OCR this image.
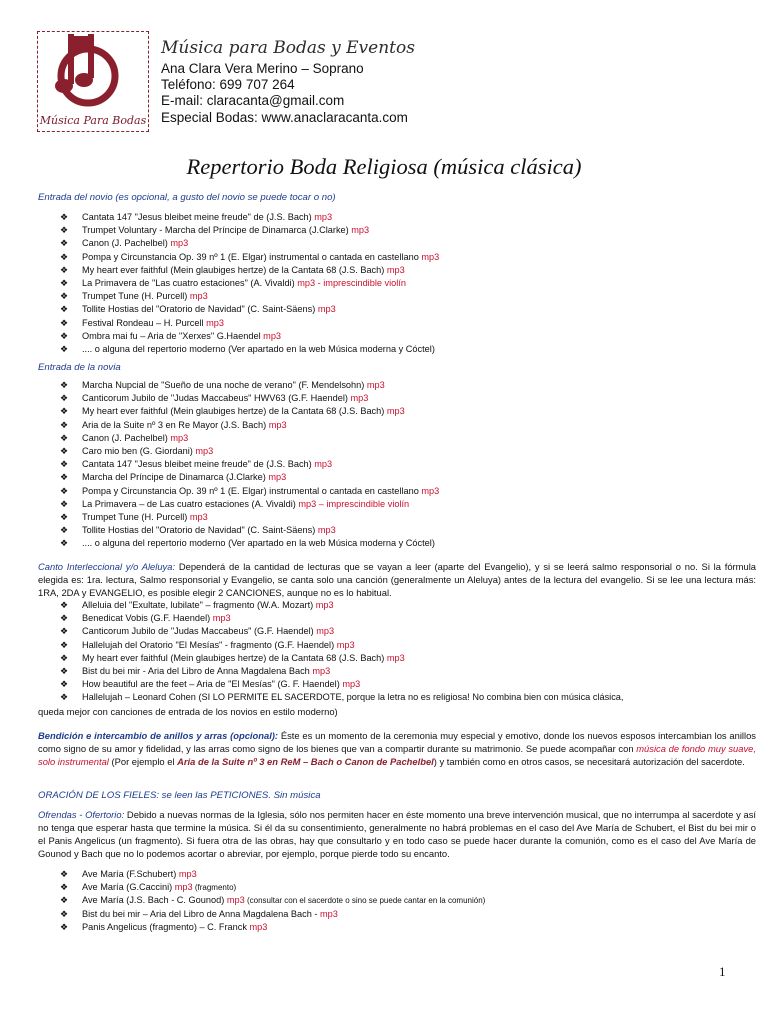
Música Para Bodas
Música para Bodas y Eventos
Ana Clara Vera Merino – Soprano
Teléfono: 699 707 264
E-mail: claracanta@gmail.com
Especial Bodas: www.anaclaracanta.com
Repertorio Boda Religiosa (música clásica)
Entrada del novio (es opcional, a gusto del novio se puede tocar o no)
❖ Cantata 147 "Jesus bleibet meine freude" de (J.S. Bach) mp3
❖ Trumpet Voluntary - Marcha del Príncipe de Dinamarca (J.Clarke) mp3
❖ Canon (J. Pachelbel) mp3
❖ Pompa y Circunstancia Op. 39 nº 1 (E. Elgar) instrumental o cantada en castellano mp3
❖ My heart ever faithful (Mein glaubiges hertze) de la Cantata 68 (J.S. Bach) mp3
❖ La Primavera de "Las cuatro estaciones" (A. Vivaldi) mp3 - imprescindible violín
❖ Trumpet Tune (H. Purcell) mp3
❖ Tollite Hostias del "Oratorio de Navidad" (C. Saint-Säens) mp3
❖ Festival Rondeau – H. Purcell mp3
❖ Ombra mai fu – Aria de "Xerxes" G.Haendel mp3
❖ .... o alguna del repertorio moderno (Ver apartado en la web Música moderna y Cóctel)
Entrada de la novia
❖ Marcha Nupcial de "Sueño de una noche de verano" (F. Mendelsohn) mp3
❖ Canticorum Jubilo de "Judas Maccabeus" HWV63 (G.F. Haendel) mp3
❖ My heart ever faithful (Mein glaubiges hertze) de la Cantata 68 (J.S. Bach) mp3
❖ Aria de la Suite nº 3 en Re Mayor (J.S. Bach) mp3
❖ Canon (J. Pachelbel) mp3
❖ Caro mio ben (G. Giordani) mp3
❖ Cantata 147 "Jesus bleibet meine freude" de (J.S. Bach) mp3
❖ Marcha del Príncipe de Dinamarca (J.Clarke) mp3
❖ Pompa y Circunstancia Op. 39 nº 1 (E. Elgar) instrumental o cantada en castellano mp3
❖ La Primavera – de Las cuatro estaciones (A. Vivaldi) mp3 – imprescindible violín
❖ Trumpet Tune (H. Purcell) mp3
❖ Tollite Hostias del "Oratorio de Navidad" (C. Saint-Säens) mp3
❖ .... o alguna del repertorio moderno (Ver apartado en la web Música moderna y Cóctel)
Canto Interleccional y/o Aleluya: Dependerá de la cantidad de lecturas que se vayan a leer (aparte del Evangelio), y si se leerá salmo responsorial o no. Si la fórmula elegida es: 1ra. lectura, Salmo responsorial y Evangelio, se canta solo una canción (generalmente un Aleluya) antes de la lectura del evangelio. Si se lee una lectura más: 1RA, 2DA y EVANGELIO, es posible elegir 2 CANCIONES, aunque no es lo habitual.
❖ Alleluia del "Exultate, lubilate" – fragmento (W.A. Mozart) mp3
❖ Benedicat Vobis (G.F. Haendel) mp3
❖ Canticorum Jubilo de "Judas Maccabeus" (G.F. Haendel) mp3
❖ Hallelujah del Oratorio "El Mesías" - fragmento (G.F. Haendel) mp3
❖ My heart ever faithful (Mein glaubiges hertze) de la Cantata 68 (J.S. Bach) mp3
❖ Bist du bei mir - Aria del Libro de Anna Magdalena Bach mp3
❖ How beautiful are the feet – Aria de "El Mesías" (G. F. Haendel) mp3
❖ Hallelujah – Leonard Cohen (SI LO PERMITE EL SACERDOTE, porque la letra no es religiosa! No combina bien con música clásica,
queda mejor con canciones de entrada de los novios en estilo moderno)
Bendición e intercambio de anillos y arras (opcional): Éste es un momento de la ceremonia muy especial y emotivo, donde los nuevos esposos intercambian los anillos como signo de su amor y fidelidad, y las arras como signo de los bienes que van a compartir durante su matrimonio. Se puede acompañar con música de fondo muy suave, solo instrumental (Por ejemplo el Aria de la Suite nº 3 en ReM – Bach o Canon de Pachelbel) y también como en otros casos, se necesitará autorización del sacerdote.
ORACIÓN DE LOS FIELES: se leen las PETICIONES. Sin música
Ofrendas - Ofertorio: Debido a nuevas normas de la Iglesia, sólo nos permiten hacer en éste momento una breve intervención musical, que no interrumpa al sacerdote y así no tenga que esperar hasta que termine la música. Si él da su consentimiento, generalmente no habrá problemas en el caso del Ave María de Schubert, el Bist du bei mir o el Panis Angelicus (un fragmento). Si fuera otra de las obras, hay que consultarlo y en todo caso se puede hacer durante la comunión, como es el caso del Ave María de Gounod y Bach que no lo podemos acortar o abreviar, por ejemplo, porque pierde todo su encanto.
❖ Ave María (F.Schubert) mp3
❖ Ave María (G.Caccini) mp3 (fragmento)
❖ Ave María (J.S. Bach - C. Gounod) mp3 (consultar con el sacerdote o sino se puede cantar en la comunión)
❖ Bist du bei mir – Aria del Libro de Anna Magdalena Bach - mp3
❖ Panis Angelicus (fragmento) – C. Franck mp3
1
